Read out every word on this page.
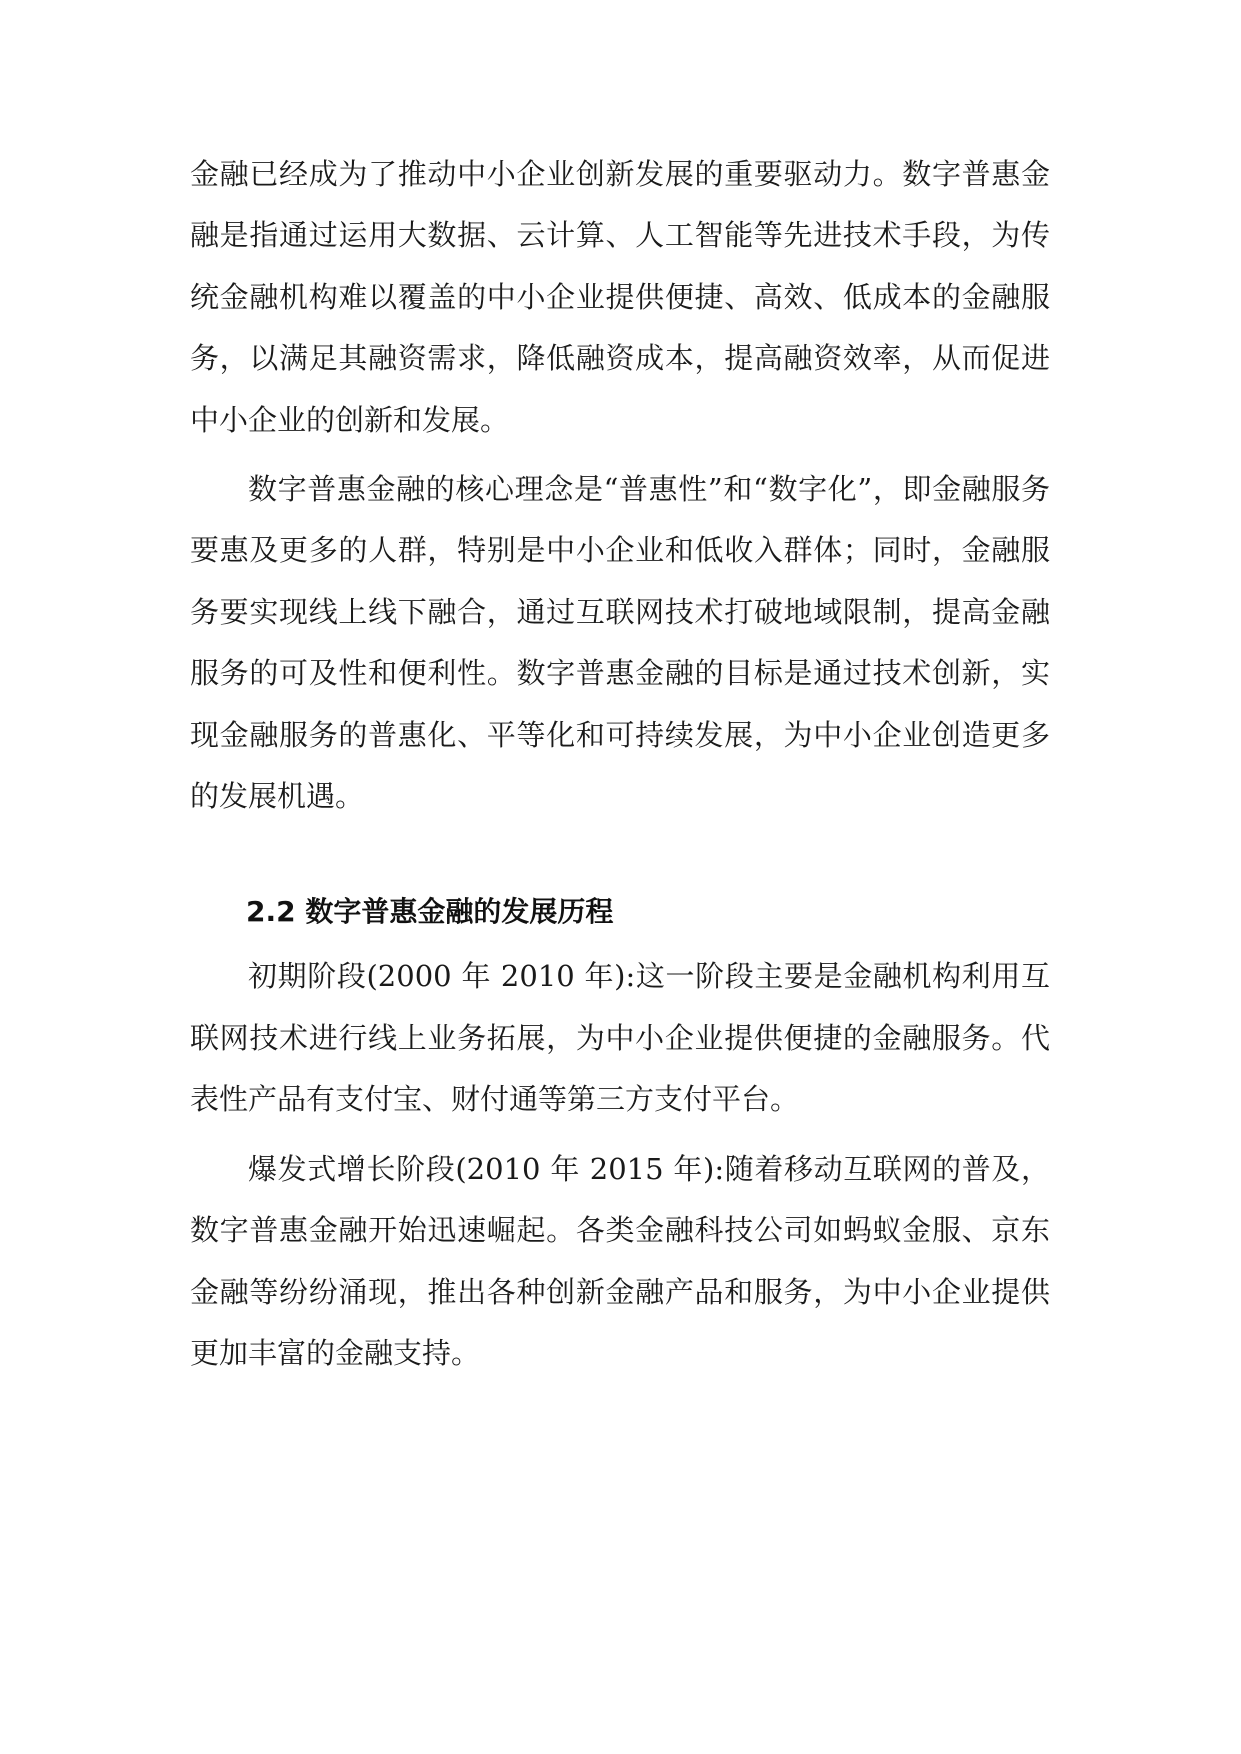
金融已经成为了推动中小企业创新发展的重要驱动力。数字普惠金融是指通过运用大数据、云计算、人工智能等先进技术手段，为传统金融机构难以覆盖的中小企业提供便捷、高效、低成本的金融服务，以满足其融资需求，降低融资成本，提高融资效率，从而促进中小企业的创新和发展。

数字普惠金融的核心理念是“普惠性”和“数字化”，即金融服务要惠及更多的人群，特别是中小企业和低收入群体；同时，金融服务要实现线上线下融合，通过互联网技术打破地域限制，提高金融服务的可及性和便利性。数字普惠金融的目标是通过技术创新，实现金融服务的普惠化、平等化和可持续发展，为中小企业创造更多的发展机遇。

2.2 数字普惠金融的发展历程

初期阶段(2000 年 2010 年):这一阶段主要是金融机构利用互联网技术进行线上业务拓展，为中小企业提供便捷的金融服务。代表性产品有支付宝、财付通等第三方支付平台。

爆发式增长阶段(2010 年 2015 年):随着移动互联网的普及，数字普惠金融开始迅速崛起。各类金融科技公司如蚂蚁金服、京东金融等纷纷涌现，推出各种创新金融产品和服务，为中小企业提供更加丰富的金融支持。
